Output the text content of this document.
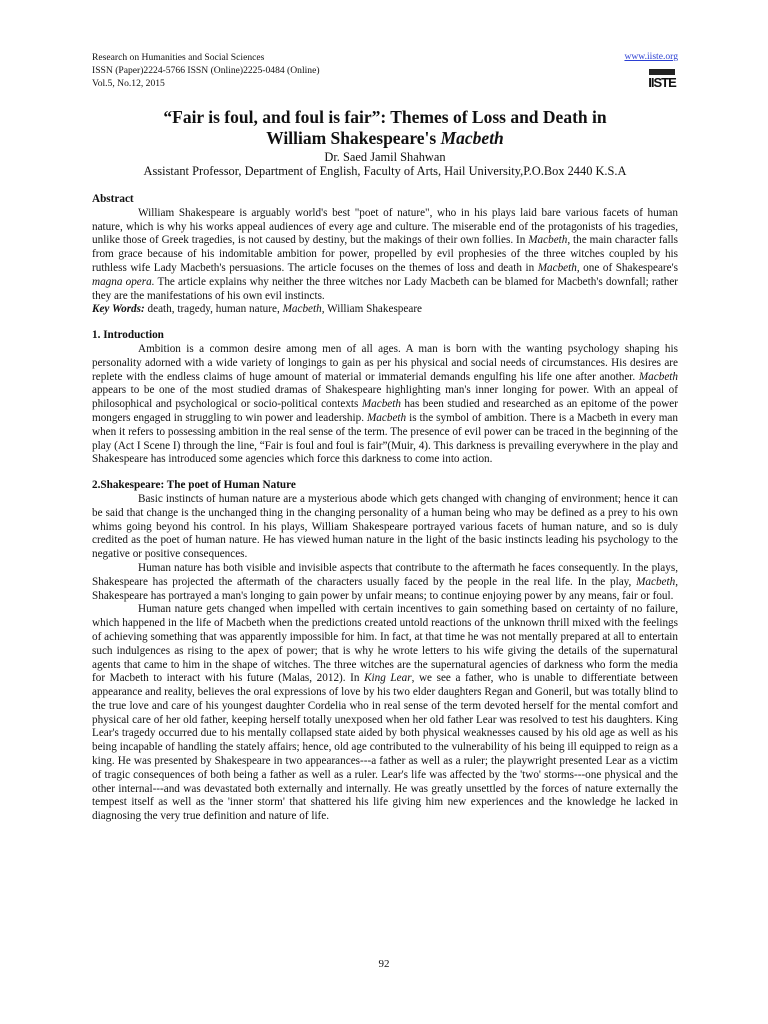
Research on Humanities and Social Sciences
ISSN (Paper)2224-5766 ISSN (Online)2225-0484 (Online)
Vol.5, No.12, 2015
www.iiste.org
IISTE
“Fair is foul, and foul is fair”: Themes of Loss and Death in
William Shakespeare's Macbeth
Dr. Saed Jamil Shahwan
Assistant Professor, Department of English, Faculty of Arts, Hail University,P.O.Box 2440 K.S.A

Abstract

William Shakespeare is arguably world's best "poet of nature", who in his plays laid bare various facets of human nature, which is why his works appeal audiences of every age and culture. The miserable end of the protagonists of his tragedies, unlike those of Greek tragedies, is not caused by destiny, but the makings of their own follies. In Macbeth, the main character falls from grace because of his indomitable ambition for power, propelled by evil prophesies of the three witches coupled by his ruthless wife Lady Macbeth's persuasions. The article focuses on the themes of loss and death in Macbeth, one of Shakespeare's magna opera. The article explains why neither the three witches nor Lady Macbeth can be blamed for Macbeth's downfall; rather they are the manifestations of his own evil instincts.

Key Words: death, tragedy, human nature, Macbeth, William Shakespeare

1. Introduction

Ambition is a common desire among men of all ages. A man is born with the wanting psychology shaping his personality adorned with a wide variety of longings to gain as per his physical and social needs of circumstances. His desires are replete with the endless claims of huge amount of material or immaterial demands engulfing his life one after another. Macbeth appears to be one of the most studied dramas of Shakespeare highlighting man's inner longing for power. With an appeal of philosophical and psychological or socio-political contexts Macbeth has been studied and researched as an epitome of the power mongers engaged in struggling to win power and leadership. Macbeth is the symbol of ambition. There is a Macbeth in every man when it refers to possessing ambition in the real sense of the term. The presence of evil power can be traced in the beginning of the play (Act I Scene I) through the line, “Fair is foul and foul is fair”(Muir, 4). This darkness is prevailing everywhere in the play and Shakespeare has introduced some agencies which force this darkness to come into action.

2.Shakespeare: The poet of Human Nature

Basic instincts of human nature are a mysterious abode which gets changed with changing of environment; hence it can be said that change is the unchanged thing in the changing personality of a human being who may be defined as a prey to his own whims going beyond his control. In his plays, William Shakespeare portrayed various facets of human nature, and so is duly credited as the poet of human nature. He has viewed human nature in the light of the basic instincts leading his psychology to the negative or positive consequences.

Human nature has both visible and invisible aspects that contribute to the aftermath he faces consequently. In the plays, Shakespeare has projected the aftermath of the characters usually faced by the people in the real life. In the play, Macbeth, Shakespeare has portrayed a man's longing to gain power by unfair means; to continue enjoying power by any means, fair or foul.

Human nature gets changed when impelled with certain incentives to gain something based on certainty of no failure, which happened in the life of Macbeth when the predictions created untold reactions of the unknown thrill mixed with the feelings of achieving something that was apparently impossible for him. In fact, at that time he was not mentally prepared at all to entertain such indulgences as rising to the apex of power; that is why he wrote letters to his wife giving the details of the supernatural agents that came to him in the shape of witches. The three witches are the supernatural agencies of darkness who form the media for Macbeth to interact with his future (Malas, 2012). In King Lear, we see a father, who is unable to differentiate between appearance and reality, believes the oral expressions of love by his two elder daughters Regan and Goneril, but was totally blind to the true love and care of his youngest daughter Cordelia who in real sense of the term devoted herself for the mental comfort and physical care of her old father, keeping herself totally unexposed when her old father Lear was resolved to test his daughters. King Lear's tragedy occurred due to his mentally collapsed state aided by both physical weaknesses caused by his old age as well as his being incapable of handling the stately affairs; hence, old age contributed to the vulnerability of his being ill equipped to reign as a king. He was presented by Shakespeare in two appearances---a father as well as a ruler; the playwright presented Lear as a victim of tragic consequences of both being a father as well as a ruler. Lear's life was affected by the 'two' storms---one physical and the other internal---and was devastated both externally and internally. He was greatly unsettled by the forces of nature externally the tempest itself as well as the 'inner storm' that shattered his life giving him new experiences and the knowledge he lacked in diagnosing the very true definition and nature of life.

92
